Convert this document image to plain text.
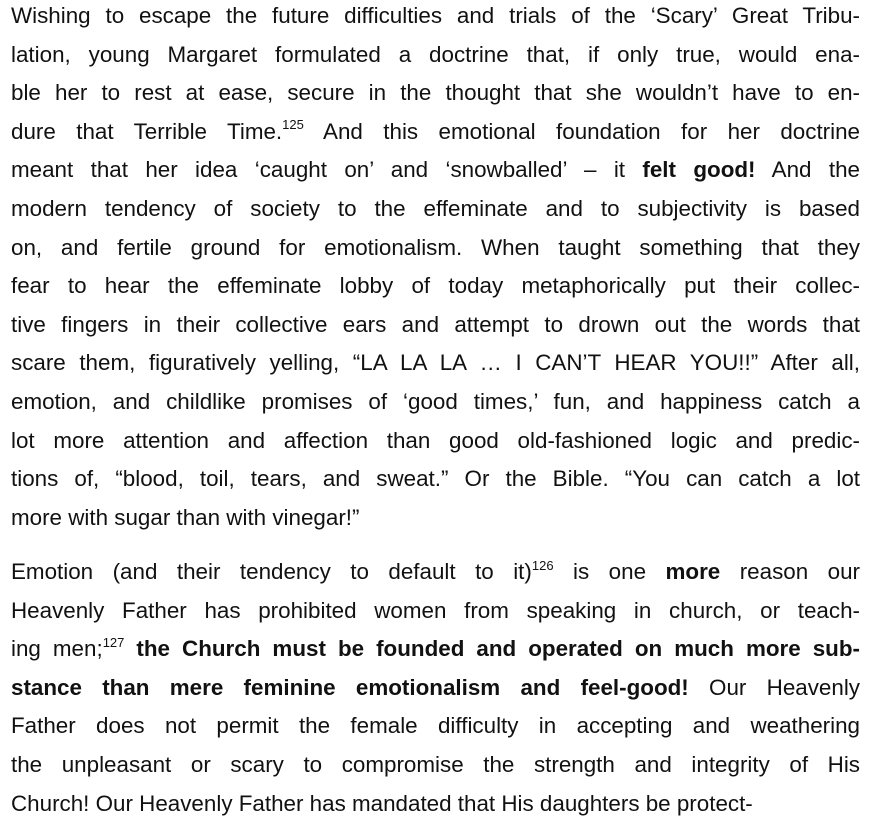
Wishing to escape the future difficulties and trials of the ‘Scary’ Great Tribu-
lation, young Margaret formulated a doctrine that, if only true, would ena-
ble her to rest at ease, secure in the thought that she wouldn’t have to en-
dure that Terrible Time.$^{125}$ And this emotional foundation for her doctrine
meant that her idea ‘caught on’ and ‘snowballed’ – it felt good! And the
modern tendency of society to the effeminate and to subjectivity is based
on, and fertile ground for emotionalism. When taught something that they
fear to hear the effeminate lobby of today metaphorically put their collec-
tive fingers in their collective ears and attempt to drown out the words that
scare them, figuratively yelling, “LA LA LA … I CAN’T HEAR YOU!!” After all,
emotion, and childlike promises of ‘good times,’ fun, and happiness catch a
lot more attention and affection than good old-fashioned logic and predic-
tions of, “blood, toil, tears, and sweat.” Or the Bible. “You can catch a lot
more with sugar than with vinegar!”
Emotion (and their tendency to default to it)$^{126}$ is one more reason our
Heavenly Father has prohibited women from speaking in church, or teach-
ing men;$^{127}$ the Church must be founded and operated on much more sub-
stance than mere feminine emotionalism and feel-good! Our Heavenly
Father does not permit the female difficulty in accepting and weathering
the unpleasant or scary to compromise the strength and integrity of His
Church! Our Heavenly Father has mandated that His daughters be protect-
